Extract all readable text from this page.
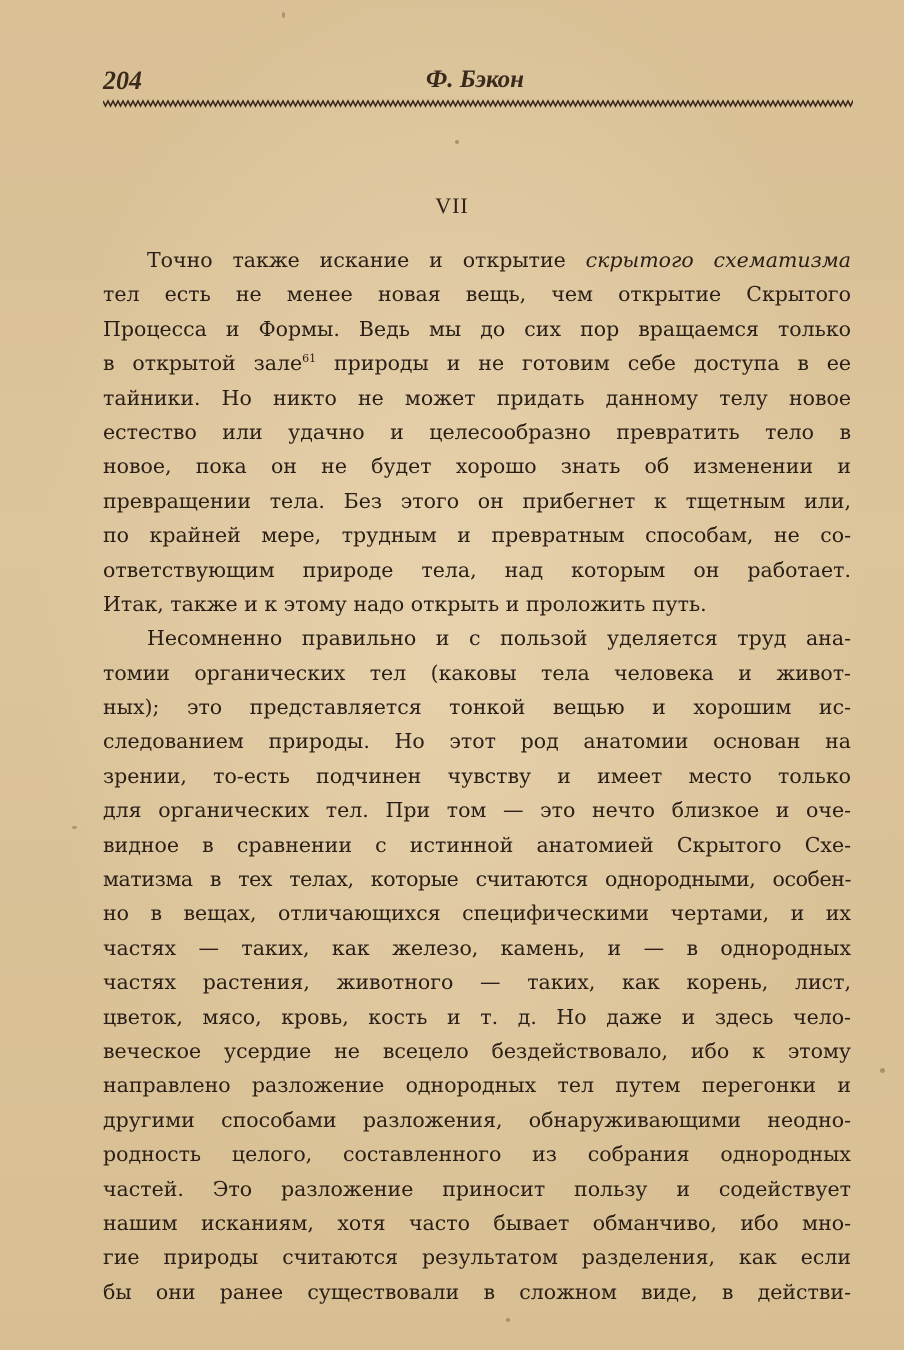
204	Ф. Бэкон
VII
Точно также искание и открытие скрытого схематизма
тел есть не менее новая вещь, чем открытие Скрытого
Процесса и Формы. Ведь мы до сих пор вращаемся только
в открытой зале$^{61}$ природы и не готовим себе доступа в ее
тайники. Но никто не может придать данному телу новое
естество или удачно и целесообразно превратить тело в
новое, пока он не будет хорошо знать об изменении и
превращении тела. Без этого он прибегнет к тщетным или,
по крайней мере, трудным и превратным способам, не со-
ответствующим природе тела, над которым он работает.
Итак, также и к этому надо открыть и проложить путь.
Несомненно правильно и с пользой уделяется труд ана-
томии органических тел (каковы тела человека и живот-
ных); это представляется тонкой вещью и хорошим ис-
следованием природы. Но этот род анатомии основан на
зрении, то-есть подчинен чувству и имеет место только
для органических тел. При том — это нечто близкое и оче-
видное в сравнении с истинной анатомией Скрытого Схе-
матизма в тех телах, которые считаются однородными, особен-
но в вещах, отличающихся специфическими чертами, и их
частях — таких, как железо, камень, и — в однородных
частях растения, животного — таких, как корень, лист,
цветок, мясо, кровь, кость и т. д. Но даже и здесь чело-
веческое усердие не всецело бездействовало, ибо к этому
направлено разложение однородных тел путем перегонки и
другими способами разложения, обнаруживающими неодно-
родность целого, составленного из собрания однородных
частей. Это разложение приносит пользу и содействует
нашим исканиям, хотя часто бывает обманчиво, ибо мно-
гие природы считаются результатом разделения, как если
бы они ранее существовали в сложном виде, в действи-
